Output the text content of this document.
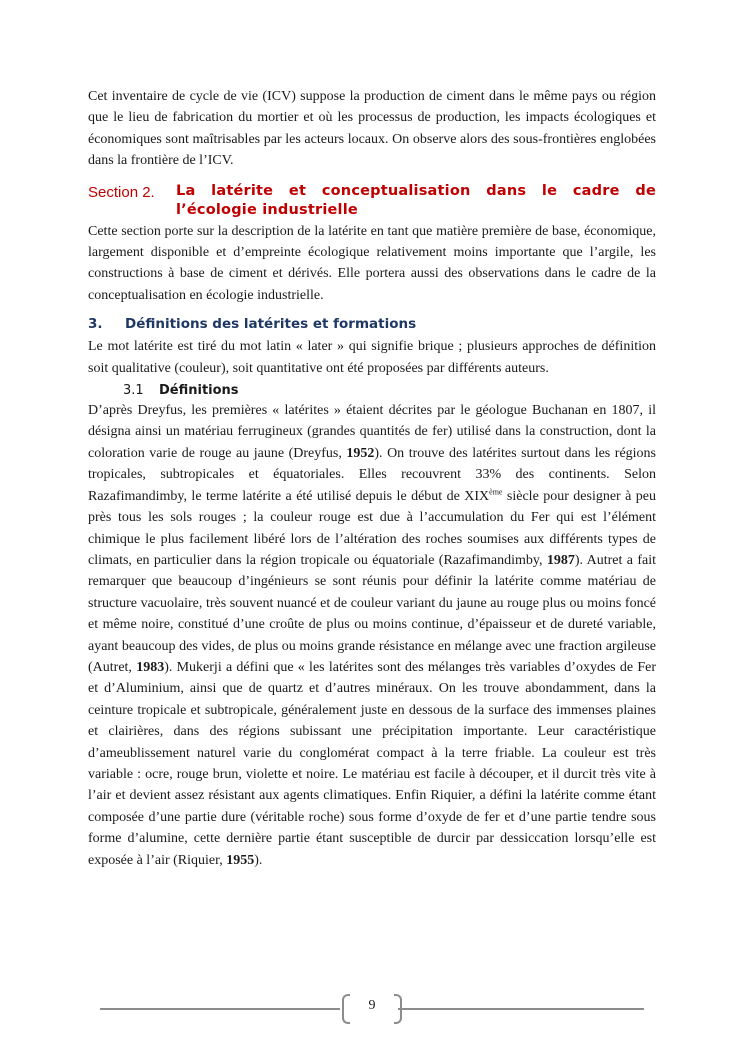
Cet inventaire de cycle de vie (ICV) suppose la production de ciment dans le même pays ou région que le lieu de fabrication du mortier et où les processus de production, les impacts écologiques et économiques sont maîtrisables par les acteurs locaux. On observe alors des sous-frontières englobées dans la frontière de l’ICV.

Section 2.	La latérite et conceptualisation dans le cadre de l’écologie industrielle

Cette section porte sur la description de la latérite en tant que matière première de base, économique, largement disponible et d’empreinte écologique relativement moins importante que l’argile, les constructions à base de ciment et dérivés. Elle portera aussi des observations dans le cadre de la conceptualisation en écologie industrielle.

3.	Définitions des latérites et formations

Le mot latérite est tiré du mot latin « later » qui signifie brique ; plusieurs approches de définition soit qualitative (couleur), soit quantitative ont été proposées par différents auteurs.

3.1	Définitions

D’après Dreyfus, les premières « latérites » étaient décrites par le géologue Buchanan en 1807, il désigna ainsi un matériau ferrugineux (grandes quantités de fer) utilisé dans la construction, dont la coloration varie de rouge au jaune (Dreyfus, 1952). On trouve des latérites surtout dans les régions tropicales, subtropicales et équatoriales. Elles recouvrent 33% des continents. Selon Razafimandimby, le terme latérite a été utilisé depuis le début de XIXème siècle pour designer à peu près tous les sols rouges ; la couleur rouge est due à l’accumulation du Fer qui est l’élément chimique le plus facilement libéré lors de l’altération des roches soumises aux différents types de climats, en particulier dans la région tropicale ou équatoriale (Razafimandimby, 1987). Autret a fait remarquer que beaucoup d’ingénieurs se sont réunis pour définir la latérite comme matériau de structure vacuolaire, très souvent nuancé et de couleur variant du jaune au rouge plus ou moins foncé et même noire, constitué d’une croûte de plus ou moins continue, d’épaisseur et de dureté variable, ayant beaucoup des vides, de plus ou moins grande résistance en mélange avec une fraction argileuse (Autret, 1983). Mukerji a défini que « les latérites sont des mélanges très variables d’oxydes de Fer et d’Aluminium, ainsi que de quartz et d’autres minéraux. On les trouve abondamment, dans la ceinture tropicale et subtropicale, généralement juste en dessous de la surface des immenses plaines et clairières, dans des régions subissant une précipitation importante. Leur caractéristique d’ameublissement naturel varie du conglomérat compact à la terre friable. La couleur est très variable : ocre, rouge brun, violette et noire. Le matériau est facile à découper, et il durcit très vite à l’air et devient assez résistant aux agents climatiques. Enfin Riquier, a défini la latérite comme étant composée d’une partie dure (véritable roche) sous forme d’oxyde de fer et d’une partie tendre sous forme d’alumine, cette dernière partie étant susceptible de durcir par dessiccation lorsqu’elle est exposée à l’air (Riquier, 1955).

9
